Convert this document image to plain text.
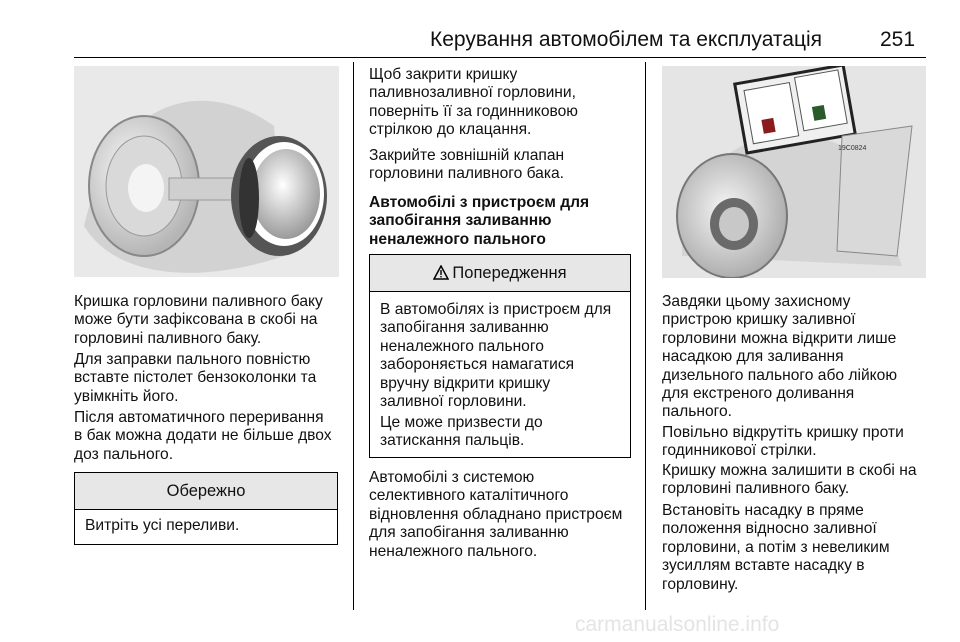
Керування автомобілем та експлуатація	251
Кришка горловини паливного баку
може бути зафіксована в скобі на
горловині паливного баку.
Для заправки пального повністю
вставте пістолет бензоколонки та
увімкніть його.
Після автоматичного переривання
в бак можна додати не більше двох
доз пального.
Обережно
Витріть усі переливи.
Щоб закрити кришку
паливнозаливної горловини,
поверніть її за годинниковою
стрілкою до клацання.
Закрийте зовнішній клапан
горловини паливного бака.
Автомобілі з пристроєм для
запобігання заливанню
неналежного пального
Попередження
В автомобілях із пристроєм для
запобігання заливанню
неналежного пального
забороняється намагатися
вручну відкрити кришку
заливної горловини.
Це може призвести до
затискання пальців.
Автомобілі з системою
селективного каталітичного
відновлення обладнано пристроєм
для запобігання заливанню
неналежного пального.
19C0824
Завдяки цьому захисному
пристрою кришку заливної
горловини можна відкрити лише
насадкою для заливання
дизельного пального або лійкою
для екстреного доливання
пального.
Повільно відкрутіть кришку проти
годинникової стрілки.
Кришку можна залишити в скобі на
горловині паливного баку.
Встановіть насадку в пряме
положення відносно заливної
горловини, а потім з невеликим
зусиллям вставте насадку в
горловину.
carmanualsonline.info
